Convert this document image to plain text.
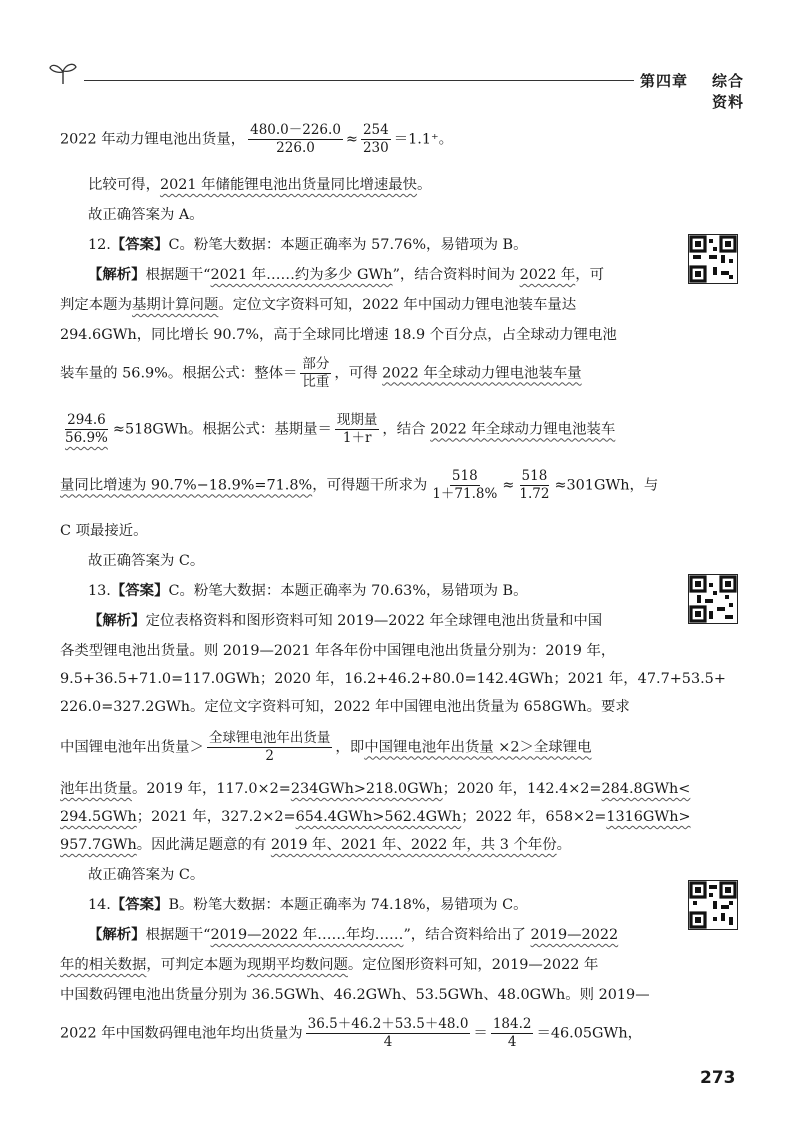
第四章 综合资料
2022 年动力锂电池出货量， $\frac{480.0-226.0}{226.0} \approx \frac{254}{230} =1.1^+$。
比较可得，2021 年储能锂电池出货量同比增速最快。
故正确答案为 A。
12.【答案】C。粉笔大数据：本题正确率为 57.76%，易错项为 B。
【解析】根据题干“2021 年……约为多少 GWh”，结合资料时间为 2022 年，可
判定本题为基期计算问题。定位文字资料可知，2022 年中国动力锂电池装车量达
294.6GWh，同比增长 90.7%，高于全球同比增速 18.9 个百分点，占全球动力锂电池
装车量的 56.9%。根据公式：整体＝ $\frac{\text{部分}}{\text{比重}}$ ，可得 2022 年全球动力锂电池装车量
$\frac{294.6}{56.9\%} \approx 518GWh$。根据公式：基期量＝ $\frac{\text{现期量}}{1+r}$ ，结合 2022 年全球动力锂电池装车
量同比增速为 90.7%−18.9%=71.8%，可得题干所求为 $\frac{518}{1+71.8\%} \approx \frac{518}{1.72} \approx 301GWh$，与
C 项最接近。
故正确答案为 C。
13.【答案】C。粉笔大数据：本题正确率为 70.63%，易错项为 B。
【解析】定位表格资料和图形资料可知 2019—2022 年全球锂电池出货量和中国
各类型锂电池出货量。则 2019—2021 年各年份中国锂电池出货量分别为：2019 年，
9.5+36.5+71.0=117.0GWh；2020 年，16.2+46.2+80.0=142.4GWh；2021 年，47.7+53.5+
226.0=327.2GWh。定位文字资料可知，2022 年中国锂电池出货量为 658GWh。要求
中国锂电池年出货量＞ $\frac{\text{全球锂电池年出货量}}{2}$ ，即中国锂电池年出货量 ×2＞全球锂电
池年出货量。2019 年，117.0×2=234GWh>218.0GWh；2020 年，142.4×2=284.8GWh<
294.5GWh；2021 年，327.2×2=654.4GWh>562.4GWh；2022 年，658×2=1316GWh>
957.7GWh。因此满足题意的有 2019 年、2021 年、2022 年，共 3 个年份。
故正确答案为 C。
14.【答案】B。粉笔大数据：本题正确率为 74.18%，易错项为 C。
【解析】根据题干“2019—2022 年……年均……”，结合资料给出了 2019—2022
年的相关数据，可判定本题为现期平均数问题。定位图形资料可知，2019—2022 年
中国数码锂电池出货量分别为 36.5GWh、46.2GWh、53.5GWh、48.0GWh。则 2019—
2022 年中国数码锂电池年均出货量为 $\frac{36.5+46.2+53.5+48.0}{4} = \frac{184.2}{4} =46.05GWh$，
273
